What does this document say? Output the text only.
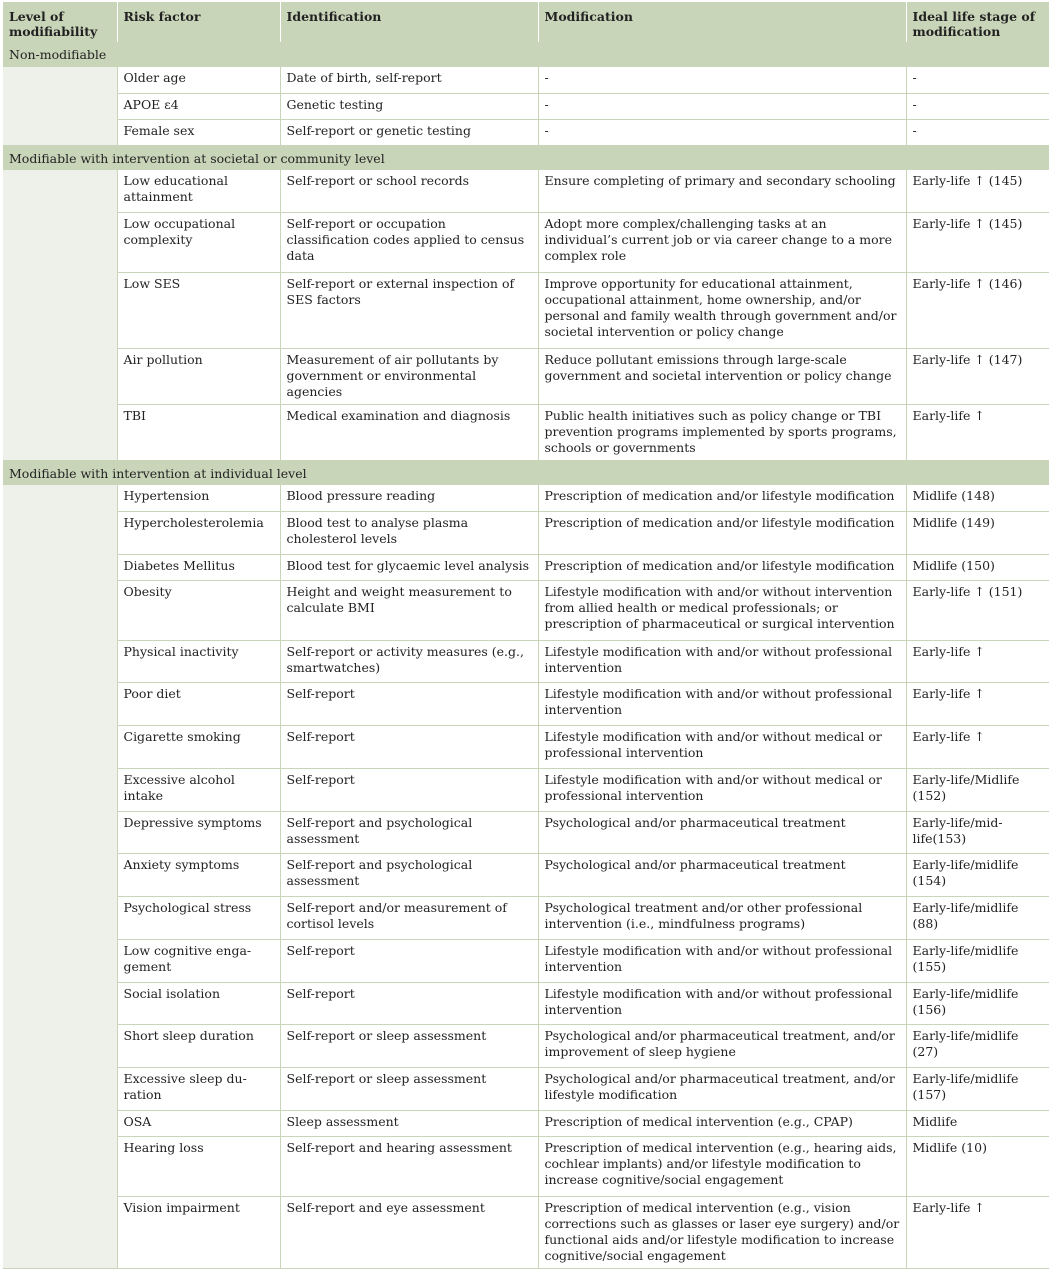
Level of modifiability	Risk factor	Identification	Modification	Ideal life stage of modification
Non-modifiable				
	Older age	Date of birth, self-report	-	-
	APOE ε4	Genetic testing	-	-
	Female sex	Self-report or genetic testing	-	-
Modifiable with intervention at societal or community level				
	Low educational attainment	Self-report or school records	Ensure completing of primary and secondary schooling	Early-life ↑ (145)
	Low occupational complexity	Self-report or occupation classification codes applied to census data	Adopt more complex/challenging tasks at an individual’s current job or via career change to a more complex role	Early-life ↑ (145)
	Low SES	Self-report or external inspection of SES factors	Improve opportunity for educational attainment, occupational attainment, home ownership, and/or personal and family wealth through government and/or societal intervention or policy change	Early-life ↑ (146)
	Air pollution	Measurement of air pollutants by government or environmental agencies	Reduce pollutant emissions through large-scale government and societal intervention or policy change	Early-life ↑ (147)
	TBI	Medical examination and diagnosis	Public health initiatives such as policy change or TBI prevention programs implemented by sports programs, schools or governments	Early-life ↑
Modifiable with intervention at individual level				
	Hypertension	Blood pressure reading	Prescription of medication and/or lifestyle modification	Midlife (148)
	Hypercholesterolemia	Blood test to analyse plasma cholesterol levels	Prescription of medication and/or lifestyle modification	Midlife (149)
	Diabetes Mellitus	Blood test for glycaemic level analysis	Prescription of medication and/or lifestyle modification	Midlife (150)
	Obesity	Height and weight measurement to calculate BMI	Lifestyle modification with and/or without intervention from allied health or medical professionals; or prescription of pharmaceutical or surgical intervention	Early-life ↑ (151)
	Physical inactivity	Self-report or activity measures (e.g., smartwatches)	Lifestyle modification with and/or without professional intervention	Early-life ↑
	Poor diet	Self-report	Lifestyle modification with and/or without professional intervention	Early-life ↑
	Cigarette smoking	Self-report	Lifestyle modification with and/or without medical or professional intervention	Early-life ↑
	Excessive alcohol intake	Self-report	Lifestyle modification with and/or without medical or professional intervention	Early-life/Midlife (152)
	Depressive symptoms	Self-report and psychological assessment	Psychological and/or pharmaceutical treatment	Early-life/mid-life(153)
	Anxiety symptoms	Self-report and psychological assessment	Psychological and/or pharmaceutical treatment	Early-life/midlife (154)
	Psychological stress	Self-report and/or measurement of cortisol levels	Psychological treatment and/or other professional intervention (i.e., mindfulness programs)	Early-life/midlife (88)
	Low cognitive enga-gement	Self-report	Lifestyle modification with and/or without professional intervention	Early-life/midlife (155)
	Social isolation	Self-report	Lifestyle modification with and/or without professional intervention	Early-life/midlife (156)
	Short sleep duration	Self-report or sleep assessment	Psychological and/or pharmaceutical treatment, and/or improvement of sleep hygiene	Early-life/midlife (27)
	Excessive sleep du-ration	Self-report or sleep assessment	Psychological and/or pharmaceutical treatment, and/or lifestyle modification	Early-life/midlife (157)
	OSA	Sleep assessment	Prescription of medical intervention (e.g., CPAP)	Midlife
	Hearing loss	Self-report and hearing assessment	Prescription of medical intervention (e.g., hearing aids, cochlear implants) and/or lifestyle modification to increase cognitive/social engagement	Midlife (10)
	Vision impairment	Self-report and eye assessment	Prescription of medical intervention (e.g., vision corrections such as glasses or laser eye surgery) and/or functional aids and/or lifestyle modification to increase cognitive/social engagement	Early-life ↑
